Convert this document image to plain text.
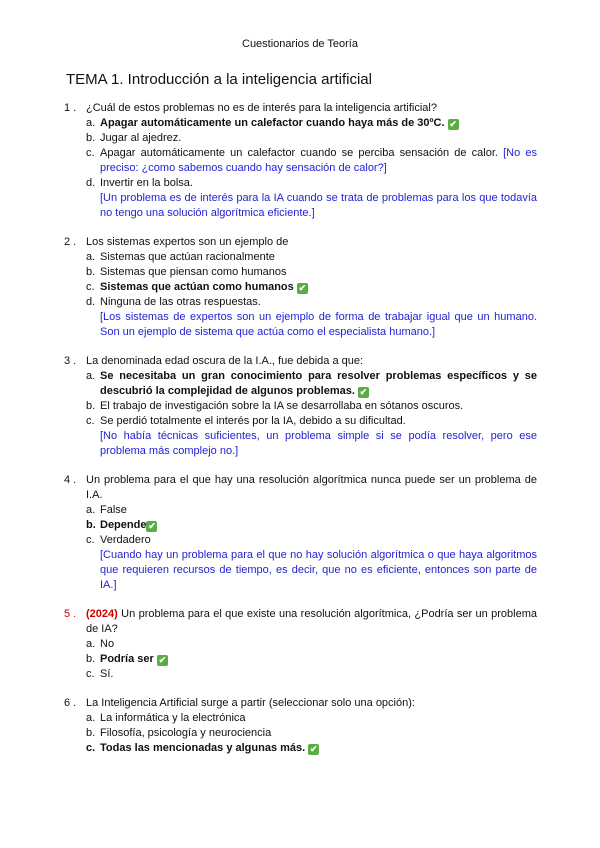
Cuestionarios de Teoría
TEMA 1. Introducción a la inteligencia artificial
1 . ¿Cuál de estos problemas no es de interés para la inteligencia artificial?
a. Apagar automáticamente un calefactor cuando haya más de 30ºC. ✔
b. Jugar al ajedrez.
c. Apagar automáticamente un calefactor cuando se perciba sensación de calor. [No es preciso: ¿como sabemos cuando hay sensación de calor?]
d. Invertir en la bolsa.
[Un problema es de interés para la IA cuando se trata de problemas para los que todavía no tengo una solución algorítmica eficiente.]
2 . Los sistemas expertos son un ejemplo de
a. Sistemas que actúan racionalmente
b. Sistemas que piensan como humanos
c. Sistemas que actúan como humanos ✔
d. Ninguna de las otras respuestas.
[Los sistemas de expertos son un ejemplo de forma de trabajar igual que un humano. Son un ejemplo de sistema que actúa como el especialista humano.]
3 . La denominada edad oscura de la I.A., fue debida a que:
a. Se necesitaba un gran conocimiento para resolver problemas específicos y se descubrió la complejidad de algunos problemas. ✔
b. El trabajo de investigación sobre la IA se desarrollaba en sótanos oscuros.
c. Se perdió totalmente el interés por la IA, debido a su dificultad.
[No había técnicas suficientes, un problema simple si se podía resolver, pero ese problema más complejo no.]
4 . Un problema para el que hay una resolución algorítmica nunca puede ser un problema de I.A.
a. False
b. Depende ✔
c. Verdadero
[Cuando hay un problema para el que no hay solución algorítmica o que haya algoritmos que requieren recursos de tiempo, es decir, que no es eficiente, entonces son parte de IA.]
5 . (2024) Un problema para el que existe una resolución algorítmica, ¿Podría ser un problema de IA?
a. No
b. Podría ser ✔
c. Sí.
6 . La Inteligencia Artificial surge a partir (seleccionar solo una opción):
a. La informática y la electrónica
b. Filosofía, psicología y neurociencia
c. Todas las mencionadas y algunas más. ✔
